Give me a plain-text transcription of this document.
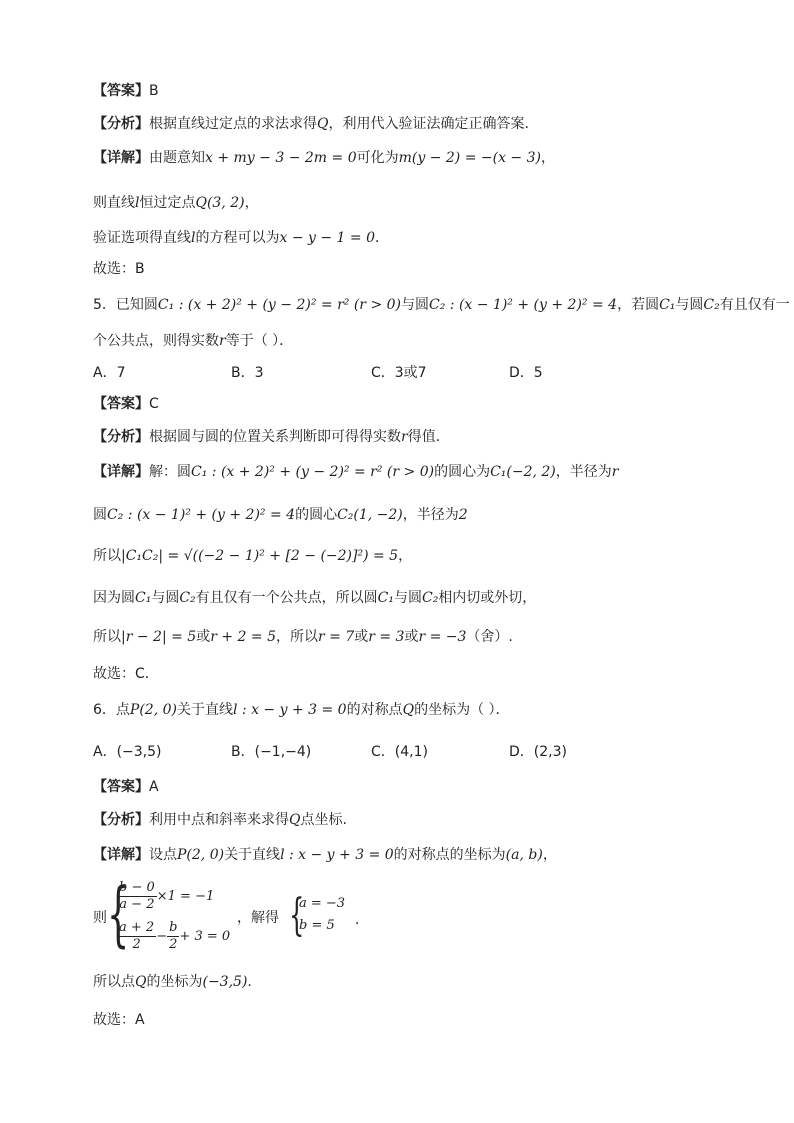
【答案】B
【分析】根据直线过定点的求法求得Q，利用代入验证法确定正确答案.
【详解】由题意知x + my − 3 − 2m = 0可化为m(y − 2) = −(x − 3)，
则直线l恒过定点Q(3, 2)，
验证选项得直线l的方程可以为x − y − 1 = 0．
故选：B
5．已知圆C₁ : (x + 2)² + (y − 2)² = r² (r > 0)与圆C₂ : (x − 1)² + (y + 2)² = 4，若圆C₁与圆C₂有且仅有一
个公共点，则得实数r等于（ ）．
A．7	B．3	C．3或7	D．5
【答案】C
【分析】根据圆与圆的位置关系判断即可得得实数r得值.
【详解】解：圆C₁ : (x + 2)² + (y − 2)² = r² (r > 0)的圆心为C₁(−2, 2)，半径为r
圆C₂ : (x − 1)² + (y + 2)² = 4的圆心C₂(1, −2)，半径为2
所以|C₁C₂| = √((−2 − 1)² + [2 − (−2)]²) = 5，
因为圆C₁与圆C₂有且仅有一个公共点，所以圆C₁与圆C₂相内切或外切，
所以|r − 2| = 5或r + 2 = 5，所以r = 7或r = 3或r = −3（舍）.
故选：C．
6．点P(2, 0)关于直线l : x − y + 3 = 0的对称点Q的坐标为（ ）．
A．(−3,5)	B．(−1,−4)	C．(4,1)	D．(2,3)
【答案】A
【分析】利用中点和斜率来求得Q点坐标.
【详解】设点P(2, 0)关于直线l : x − y + 3 = 0的对称点的坐标为(a, b)，
则 {
$\frac{b - 0}{a - 2} \times 1 = -1$
$\frac{a + 2}{2} - \frac{b}{2} + 3 = 0$
，解得 {
a = −3
b = 5 ．
所以点Q的坐标为(−3,5).
故选：A
